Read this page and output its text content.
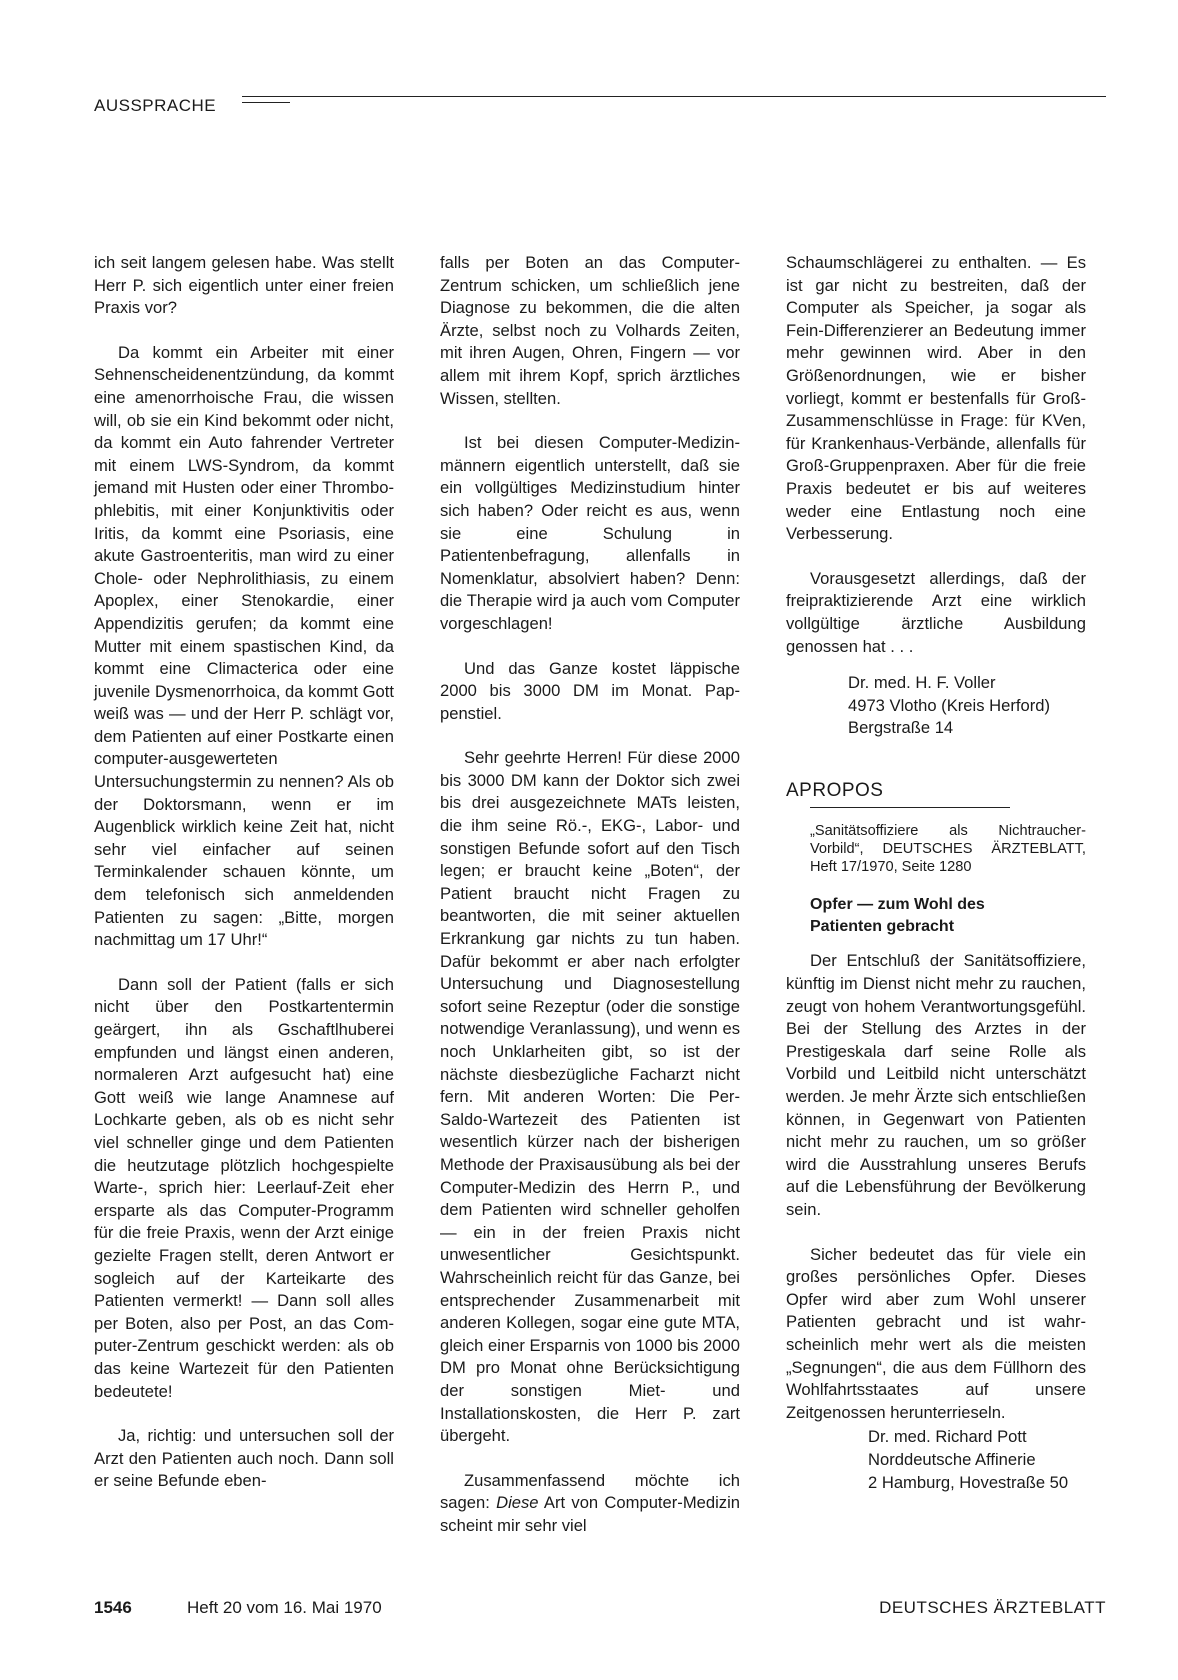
AUSSPRACHE

ich seit langem gelesen habe. Was stellt Herr P. sich eigentlich unter einer freien Praxis vor?

Da kommt ein Arbeiter mit einer Sehnenscheidenentzündung, da kommt eine amenorrhoische Frau, die wissen will, ob sie ein Kind bekommt oder nicht, da kommt ein Auto fahrender Vertreter mit einem LWS-Syndrom, da kommt jemand mit Husten oder einer Thrombophlebitis, mit einer Konjunktivitis oder Iritis, da kommt eine Psoriasis, eine akute Gastroenteritis, man wird zu einer Chole- oder Nephrolithiasis, zu einem Apoplex, einer Stenokardie, einer Appendizitis gerufen; da kommt eine Mutter mit einem spastischen Kind, da kommt eine Climacterica oder eine juvenile Dysmenorrhoica, da kommt Gott weiß was — und der Herr P. schlägt vor, dem Patienten auf einer Postkarte einen computer-ausgewerteten Untersuchungstermin zu nennen? Als ob der Doktorsmann, wenn er im Augenblick wirklich keine Zeit hat, nicht sehr viel einfacher auf seinen Terminkalender schauen könnte, um dem telefonisch sich anmeldenden Patienten zu sagen: „Bitte, morgen nachmittag um 17 Uhr!“

Dann soll der Patient (falls er sich nicht über den Postkartentermin geärgert, ihn als Gschaftlhuberei empfunden und längst einen anderen, normaleren Arzt aufgesucht hat) eine Gott weiß wie lange Anamnese auf Lochkarte geben, als ob es nicht sehr viel schneller ginge und dem Patienten die heutzutage plötzlich hochgespielte Warte-, sprich hier: Leerlauf-Zeit eher ersparte als das Computer-Programm für die freie Praxis, wenn der Arzt einige gezielte Fragen stellt, deren Antwort er sogleich auf der Karteikarte des Patienten vermerkt! — Dann soll alles per Boten, also per Post, an das Computer-Zentrum geschickt werden: als ob das keine Wartezeit für den Patienten bedeutete!

Ja, richtig: und untersuchen soll der Arzt den Patienten auch noch. Dann soll er seine Befunde eben-

falls per Boten an das Computer-Zentrum schicken, um schließlich jene Diagnose zu bekommen, die die alten Ärzte, selbst noch zu Volhards Zeiten, mit ihren Augen, Ohren, Fingern — vor allem mit ihrem Kopf, sprich ärztliches Wissen, stellten.

Ist bei diesen Computer-Medizinmännern eigentlich unterstellt, daß sie ein vollgültiges Medizinstudium hinter sich haben? Oder reicht es aus, wenn sie eine Schulung in Patientenbefragung, allenfalls in Nomenklatur, absolviert haben? Denn: die Therapie wird ja auch vom Computer vorgeschlagen!

Und das Ganze kostet läppische 2000 bis 3000 DM im Monat. Pappenstiel.

Sehr geehrte Herren! Für diese 2000 bis 3000 DM kann der Doktor sich zwei bis drei ausgezeichnete MATs leisten, die ihm seine Rö.-, EKG-, Labor- und sonstigen Befunde sofort auf den Tisch legen; er braucht keine „Boten“, der Patient braucht nicht Fragen zu beantworten, die mit seiner aktuellen Erkrankung gar nichts zu tun haben. Dafür bekommt er aber nach erfolgter Untersuchung und Diagnosestellung sofort seine Rezeptur (oder die sonstige notwendige Veranlassung), und wenn es noch Unklarheiten gibt, so ist der nächste diesbezügliche Facharzt nicht fern. Mit anderen Worten: Die Per-Saldo-Wartezeit des Patienten ist wesentlich kürzer nach der bisherigen Methode der Praxisausübung als bei der Computer-Medizin des Herrn P., und dem Patienten wird schneller geholfen — ein in der freien Praxis nicht unwesentlicher Gesichtspunkt. Wahrscheinlich reicht für das Ganze, bei entsprechender Zusammenarbeit mit anderen Kollegen, sogar eine gute MTA, gleich einer Ersparnis von 1000 bis 2000 DM pro Monat ohne Berücksichtigung der sonstigen Miet- und Installationskosten, die Herr P. zart übergeht.

Zusammenfassend möchte ich sagen: Diese Art von Computer-Medizin scheint mir sehr viel

Schaumschlägerei zu enthalten. — Es ist gar nicht zu bestreiten, daß der Computer als Speicher, ja sogar als Fein-Differenzierer an Bedeutung immer mehr gewinnen wird. Aber in den Größenordnungen, wie er bisher vorliegt, kommt er bestenfalls für Groß-Zusammenschlüsse in Frage: für KVen, für Krankenhaus-Verbände, allenfalls für Groß-Gruppenpraxen. Aber für die freie Praxis bedeutet er bis auf weiteres weder eine Entlastung noch eine Verbesserung.

Vorausgesetzt allerdings, daß der freipraktizierende Arzt eine wirklich vollgültige ärztliche Ausbildung genossen hat . . .

Dr. med. H. F. Voller
4973 Vlotho (Kreis Herford)
Bergstraße 14
APROPOS
„Sanitätsoffiziere als Nichtraucher-Vorbild“, DEUTSCHES ÄRZTEBLATT, Heft 17/1970, Seite 1280
Opfer — zum Wohl des
Patienten gebracht

Der Entschluß der Sanitätsoffiziere, künftig im Dienst nicht mehr zu rauchen, zeugt von hohem Verantwortungsgefühl. Bei der Stellung des Arztes in der Prestigeskala darf seine Rolle als Vorbild und Leitbild nicht unterschätzt werden. Je mehr Ärzte sich entschließen können, in Gegenwart von Patienten nicht mehr zu rauchen, um so größer wird die Ausstrahlung unseres Berufs auf die Lebensführung der Bevölkerung sein.

Sicher bedeutet das für viele ein großes persönliches Opfer. Dieses Opfer wird aber zum Wohl unserer Patienten gebracht und ist wahrscheinlich mehr wert als die meisten „Segnungen“, die aus dem Füllhorn des Wohlfahrtsstaates auf unsere Zeitgenossen herunterrieseln.

Dr. med. Richard Pott
Norddeutsche Affinerie
2 Hamburg, Hovestraße 50
1546	Heft 20 vom 16. Mai 1970	DEUTSCHES ÄRZTEBLATT
